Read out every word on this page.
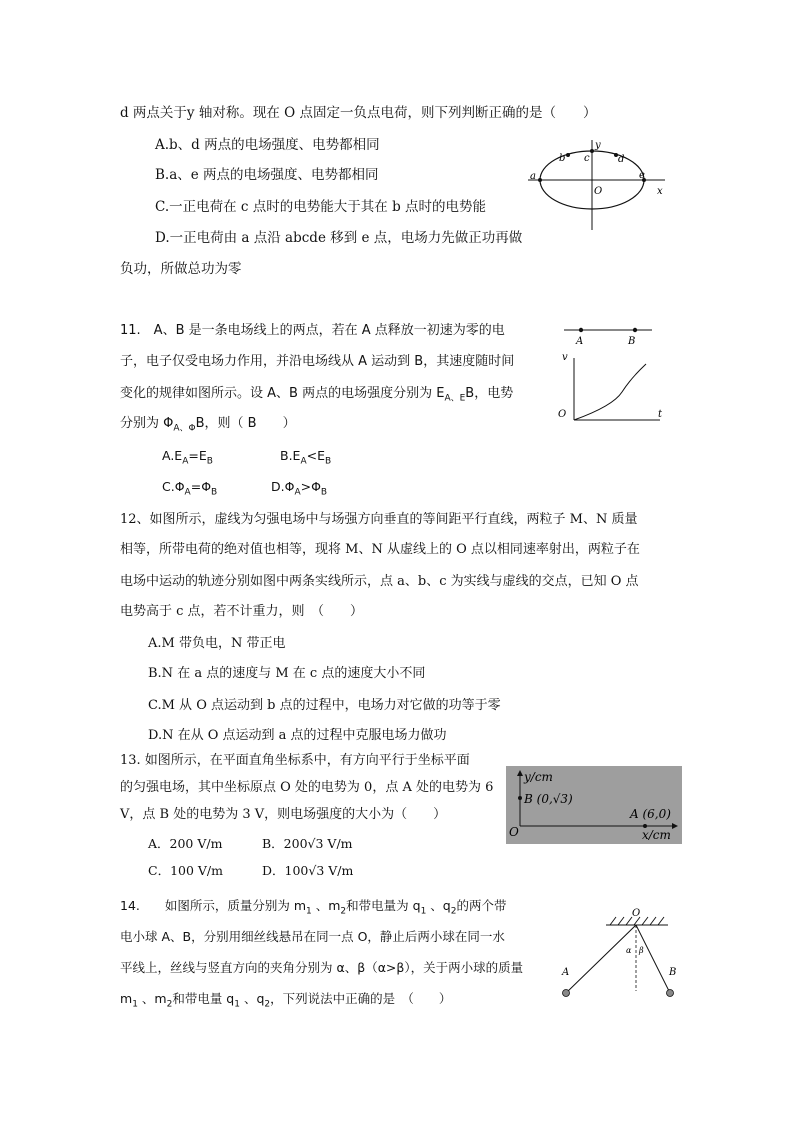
d 两点关于y 轴对称。现在 O 点固定一负点电荷，则下列判断正确的是（　　）
A.b、d 两点的电场强度、电势都相同
B.a、e 两点的电场强度、电势都相同
C.一正电荷在 c 点时的电势能大于其在 b 点时的电势能
D.一正电荷由 a 点沿 abcde 移到 e 点，电场力先做正功再做
负功，所做总功为零
a
b c	d
e
y
x
O
11.　A、B 是一条电场线上的两点，若在 A 点释放一初速为零的电
子，电子仅受电场力作用，并沿电场线从 A 运动到 B，其速度随时间
变化的规律如图所示。设 A、B 两点的电场强度分别为 $E_{A、E}B$，电势
分别为 $\Phi_{A、\Phi}B$，则（ B　　）
$A.E_A=E_B$	$B.E_A<E_B$
$C.\Phi_A=\Phi_B$	$D.\Phi_A>\Phi_B$
A	B
v
O	t
12、如图所示，虚线为匀强电场中与场强方向垂直的等间距平行直线，两粒子 M、N 质量
相等，所带电荷的绝对值也相等，现将 M、N 从虚线上的 O 点以相同速率射出，两粒子在
电场中运动的轨迹分别如图中两条实线所示，点 a、b、c 为实线与虚线的交点，已知 O 点
电势高于 c 点，若不计重力，则　（　　）
A.M 带负电，N 带正电
B.N 在 a 点的速度与 M 在 c 点的速度大小不同
C.M 从 O 点运动到 b 点的过程中，电场力对它做的功等于零
D.N 在从 O 点运动到 a 点的过程中克服电场力做功
13. 如图所示，在平面直角坐标系中，有方向平行于坐标平面
的匀强电场，其中坐标原点 O 处的电势为 0，点 A 处的电势为 6
V，点 B 处的电势为 3 V，则电场强度的大小为（　　）
A．200 V/m	B．200√3 V/m
C．100 V/m	D．100√3 V/m
y/cm
B (0,√3)
A (6,0)
O	x/cm
14.　　如图所示，质量分别为 $m_1$ 、$m_2$和带电量为 $q_1$ 、$q_2$的两个带
电小球 A、B，分别用细丝线悬吊在同一点 O，静止后两小球在同一水
平线上，丝线与竖直方向的夹角分别为 α、β（α>β），关于两小球的质量
$m_1$ 、$m_2$和带电量 $q_1$ 、$q_2$，下列说法中正确的是　（　　）
O
A	B
α β
